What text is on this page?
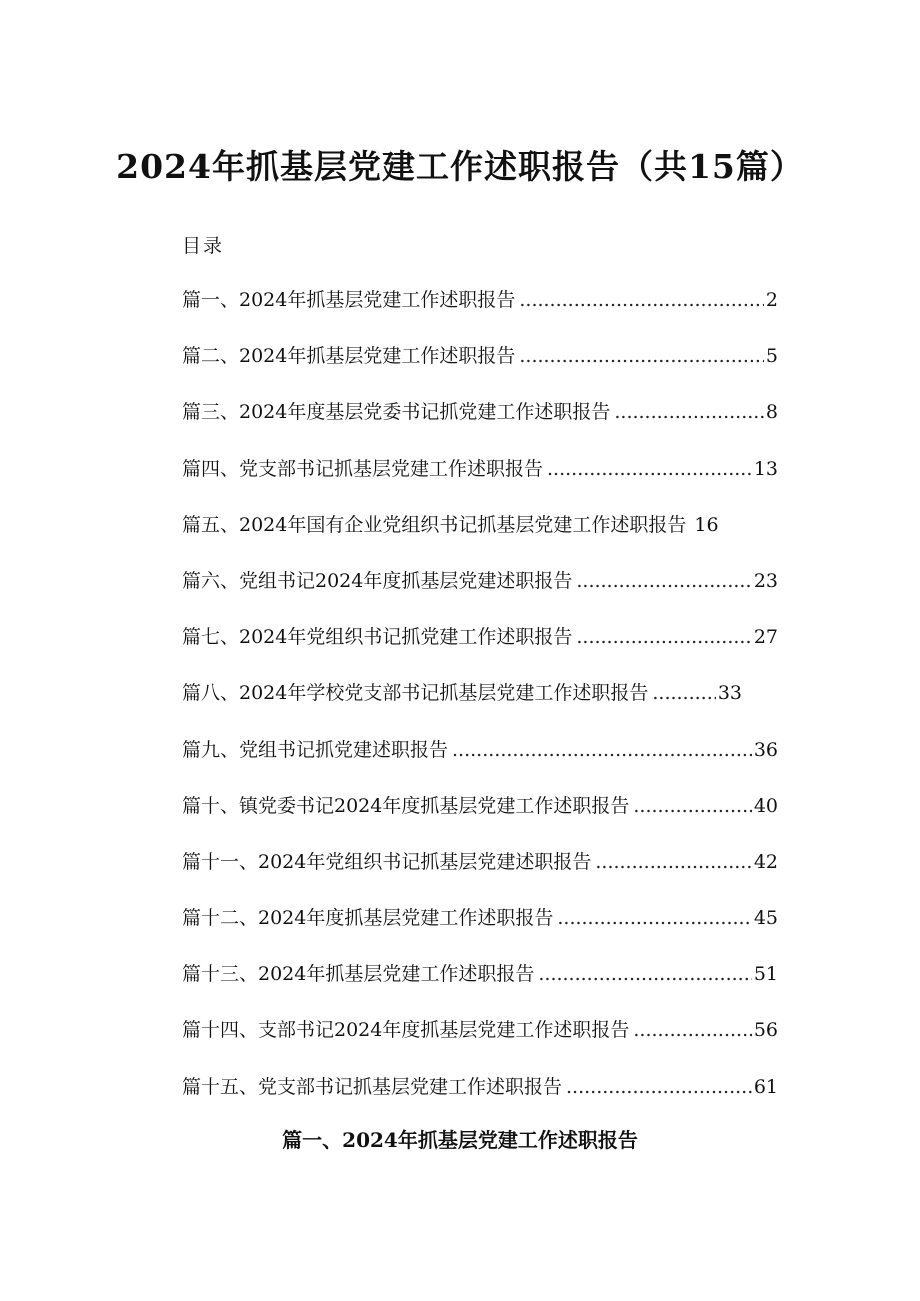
2024年抓基层党建工作述职报告（共15篇）

目录

篇一、2024年抓基层党建工作述职报告 .....	2
篇二、2024年抓基层党建工作述职报告 .....	5
篇三、2024年度基层党委书记抓党建工作述职报告 .....	8
篇四、党支部书记抓基层党建工作述职报告 .....	13
篇五、2024年国有企业党组织书记抓基层党建工作述职报告 16
篇六、党组书记2024年度抓基层党建述职报告 .....	23
篇七、2024年党组织书记抓党建工作述职报告 .....	27
篇八、2024年学校党支部书记抓基层党建工作述职报告 .....	33
篇九、党组书记抓党建述职报告 .....	36
篇十、镇党委书记2024年度抓基层党建工作述职报告 .....	40
篇十一、2024年党组织书记抓基层党建述职报告 .....	42
篇十二、2024年度抓基层党建工作述职报告 .....	45
篇十三、2024年抓基层党建工作述职报告 .....	51
篇十四、支部书记2024年度抓基层党建工作述职报告 .....	56
篇十五、党支部书记抓基层党建工作述职报告 .....	61
篇一、2024年抓基层党建工作述职报告
